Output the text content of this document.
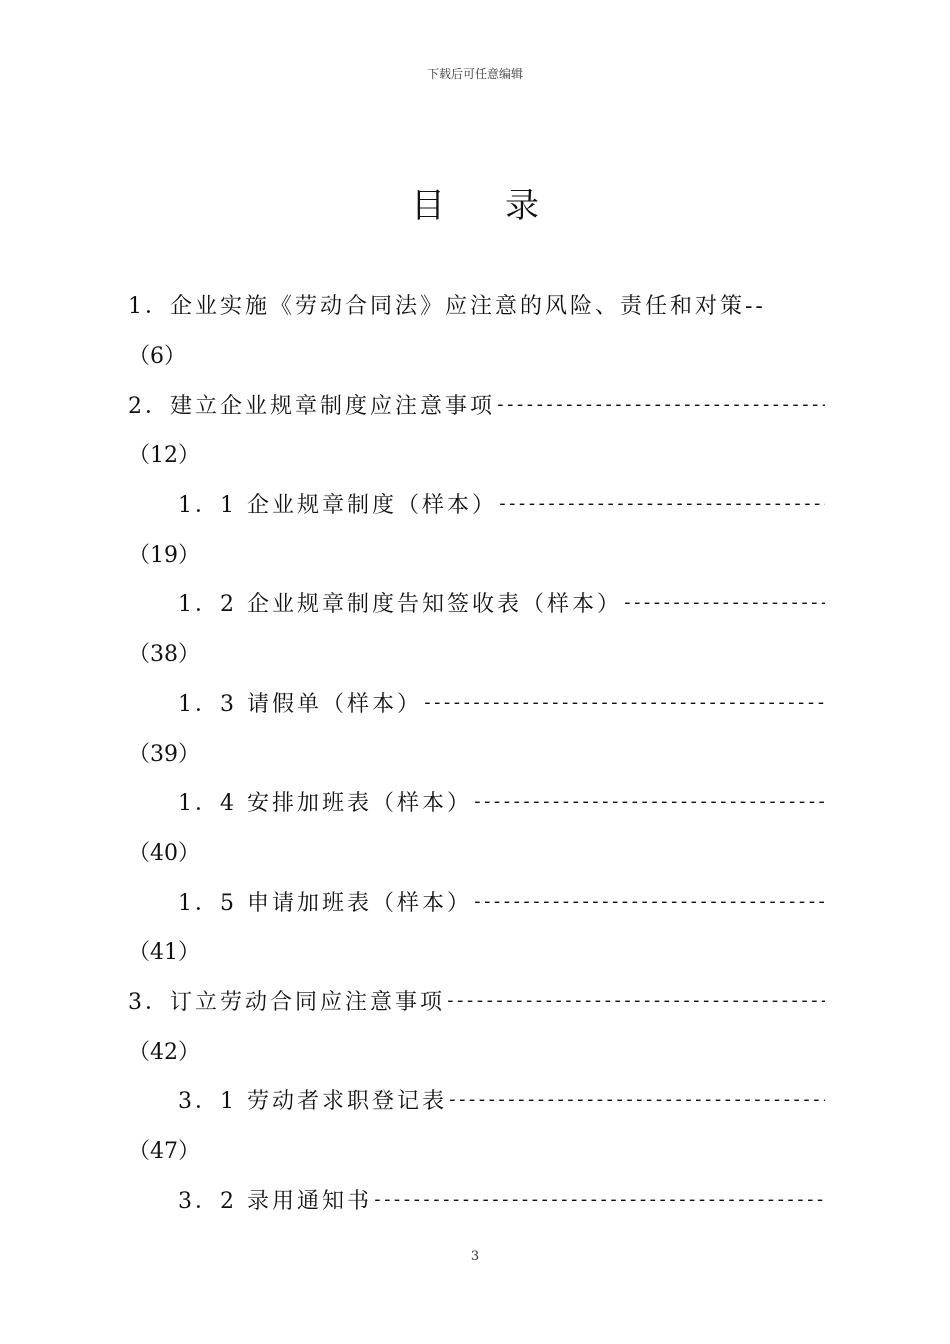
下载后可任意编辑
目录
1．企业实施《劳动合同法》应注意的风险、责任和对策--
（6）
2．建立企业规章制度应注意事项
-----
（12）
1．1 企业规章制度（样本）
-----
（19）
1．2 企业规章制度告知签收表（样本）
-----
（38）
1．3 请假单（样本）
-----
（39）
1．4 安排加班表（样本）
-----
（40）
1．5 申请加班表（样本）
-----
（41）
3．订立劳动合同应注意事项
-----
（42）
3．1 劳动者求职登记表
-----
（47）
3．2 录用通知书
-----
3
